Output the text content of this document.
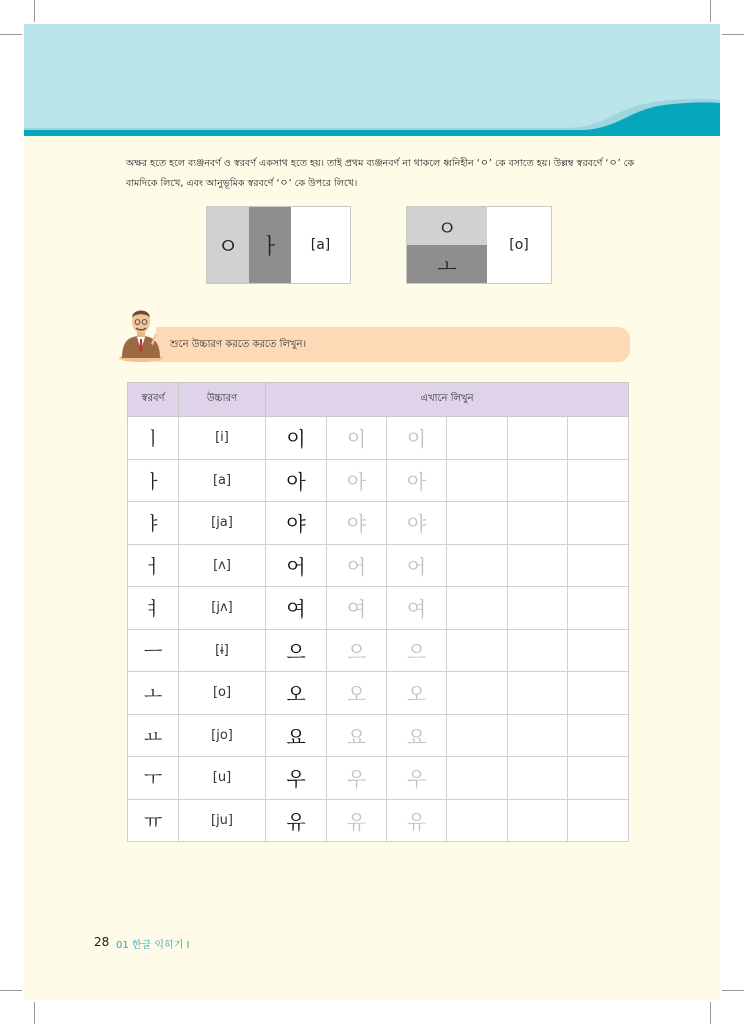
অক্ষর হতে হলে ব্যঞ্জনবর্ণ ও স্বরবর্ণ একসাথ হতে হয়। তাই প্রথম ব্যঞ্জনবর্ণ না থাকলে ধ্বনিহীন ‘ㅇ’ কে বসাতে হয়। উল্লম্ব স্বরবর্ণে ‘ㅇ’ কে

বামদিকে লিখে, এবং আনুভূমিক স্বরবর্ণে ‘ㅇ’ কে উপরে লিখে।

ㅇ ㅏ	[a]
ㅇ
ㅗ
[o]
শুনে উচ্চারণ করতে করতে লিখুন।
স্বরবর্ণ	উচ্চারণ	এখানে লিখুন					
ㅣ	[i]	이	이	이			
ㅏ	[a]	아	아	아			
ㅑ	[ja]	야	야	야			
ㅓ	[ʌ]	어	어	어			
ㅕ	[jʌ]	여	여	여			
ㅡ	[ɨ]	으	으	으			
ㅗ	[o]	오	오	오			
ㅛ	[jo]	요	요	요			
ㅜ	[u]	우	우	우			
ㅠ	[ju]	유	유	유			
28 01 한글 익히기 I
